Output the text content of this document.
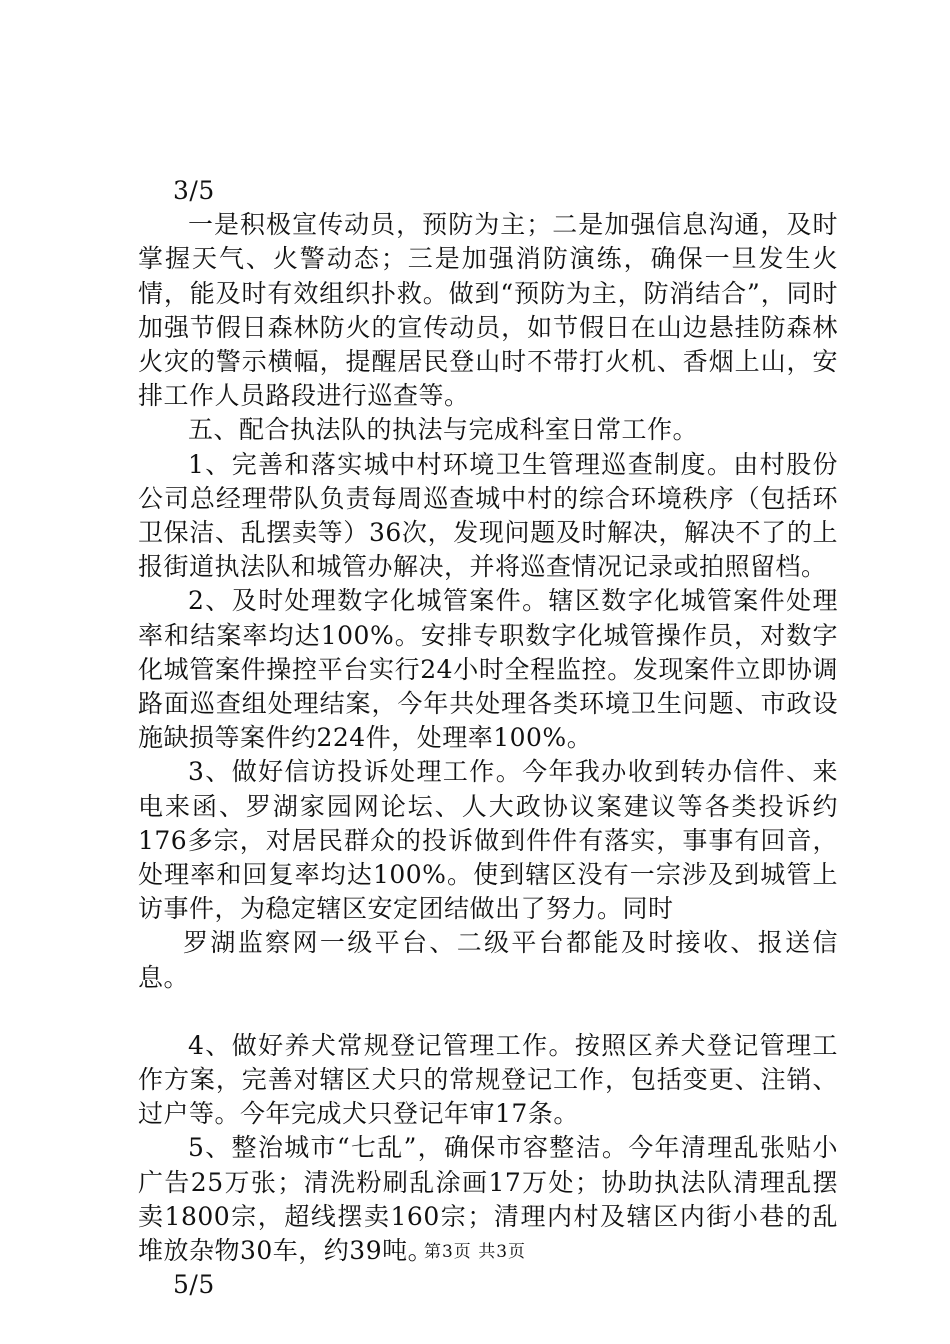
3/5

一是积极宣传动员，预防为主；二是加强信息沟通，及时掌握天气、火警动态；三是加强消防演练，确保一旦发生火情，能及时有效组织扑救。做到“预防为主，防消结合”，同时加强节假日森林防火的宣传动员，如节假日在山边悬挂防森林火灾的警示横幅，提醒居民登山时不带打火机、香烟上山，安排工作人员路段进行巡查等。

五、配合执法队的执法与完成科室日常工作。

1、完善和落实城中村环境卫生管理巡查制度。由村股份公司总经理带队负责每周巡查城中村的综合环境秩序（包括环卫保洁、乱摆卖等）36次，发现问题及时解决，解决不了的上报街道执法队和城管办解决，并将巡查情况记录或拍照留档。

2、及时处理数字化城管案件。辖区数字化城管案件处理率和结案率均达100%。安排专职数字化城管操作员，对数字化城管案件操控平台实行24小时全程监控。发现案件立即协调路面巡查组处理结案，今年共处理各类环境卫生问题、市政设施缺损等案件约224件，处理率100%。

3、做好信访投诉处理工作。今年我办收到转办信件、来电来函、罗湖家园网论坛、人大政协议案建议等各类投诉约176多宗，对居民群众的投诉做到件件有落实，事事有回音，处理率和回复率均达100%。使到辖区没有一宗涉及到城管上访事件，为稳定辖区安定团结做出了努力。同时

罗湖监察网一级平台、二级平台都能及时接收、报送信息。

4、做好养犬常规登记管理工作。按照区养犬登记管理工作方案，完善对辖区犬只的常规登记工作，包括变更、注销、过户等。今年完成犬只登记年审17条。

5、整治城市“七乱”，确保市容整洁。今年清理乱张贴小广告25万张；清洗粉刷乱涂画17万处；协助执法队清理乱摆卖1800宗，超线摆卖160宗；清理内村及辖区内街小巷的乱堆放杂物30车，约39吨。

5/5

第3页 共3页
